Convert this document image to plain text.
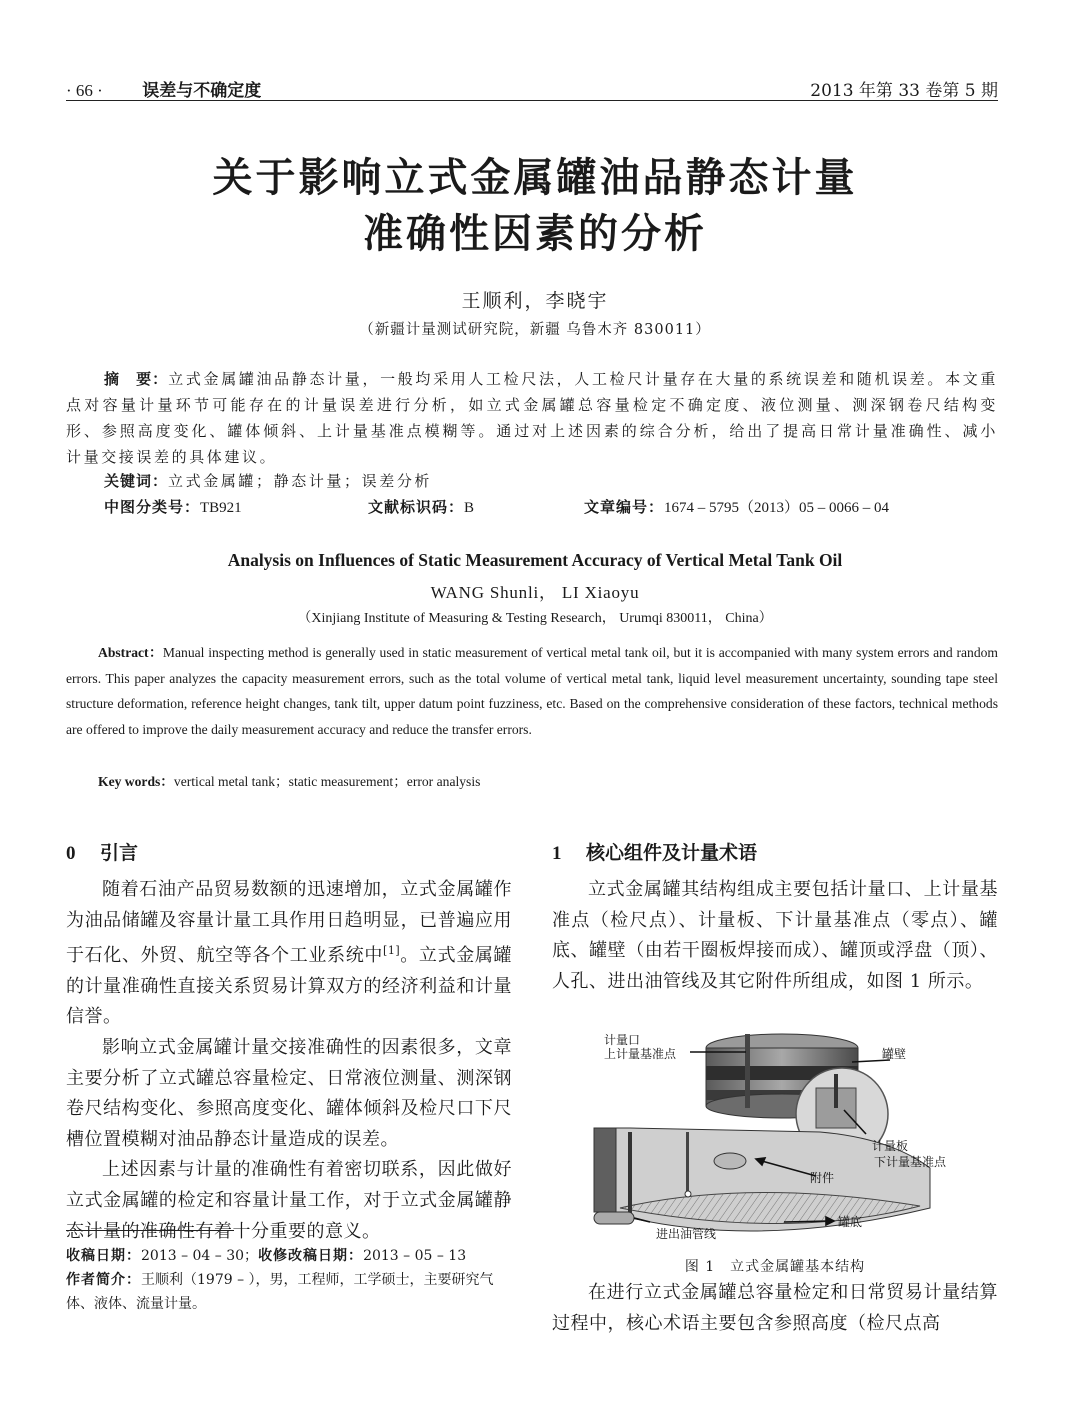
· 66 · 误差与不确定度	2013 年第 33 卷第 5 期
关于影响立式金属罐油品静态计量
准确性因素的分析
王顺利，李晓宇
（新疆计量测试研究院，新疆 乌鲁木齐 830011）
摘　要：立式金属罐油品静态计量，一般均采用人工检尺法，人工检尺计量存在大量的系统误差和随机误差。本文重点对容量计量环节可能存在的计量误差进行分析，如立式金属罐总容量检定不确定度、液位测量、测深钢卷尺结构变形、参照高度变化、罐体倾斜、上计量基准点模糊等。通过对上述因素的综合分析，给出了提高日常计量准确性、减小计量交接误差的具体建议。
关键词：立式金属罐；静态计量；误差分析
中图分类号：TB921	文献标识码：B	文章编号：1674 – 5795（2013）05 – 0066 – 04
Analysis on Influences of Static Measurement Accuracy of Vertical Metal Tank Oil
WANG Shunli， LI Xiaoyu
（Xinjiang Institute of Measuring & Testing Research， Urumqi 830011， China）
Abstract：Manual inspecting method is generally used in static measurement of vertical metal tank oil, but it is accompanied with many system errors and random errors. This paper analyzes the capacity measurement errors, such as the total volume of vertical metal tank, liquid level measurement uncertainty, sounding tape steel structure deformation, reference height changes, tank tilt, upper datum point fuzziness, etc. Based on the comprehensive consideration of these factors, technical methods are offered to improve the daily measurement accuracy and reduce the transfer errors.
Key words：vertical metal tank；static measurement；error analysis
0 引言

随着石油产品贸易数额的迅速增加，立式金属罐作为油品储罐及容量计量工具作用日趋明显，已普遍应用于石化、外贸、航空等各个工业系统中[1]。立式金属罐的计量准确性直接关系贸易计算双方的经济利益和计量信誉。

影响立式金属罐计量交接准确性的因素很多，文章主要分析了立式罐总容量检定、日常液位测量、测深钢卷尺结构变化、参照高度变化、罐体倾斜及检尺口下尺槽位置模糊对油品静态计量造成的误差。

上述因素与计量的准确性有着密切联系，因此做好立式金属罐的检定和容量计量工作，对于立式金属罐静态计量的准确性有着十分重要的意义。

收稿日期：2013 – 04 – 30；收修改稿日期：2013 – 05 – 13
作者简介：王顺利（1979 – ），男，工程师，工学硕士，主要研究气体、液体、流量计量。
1 核心组件及计量术语

立式金属罐其结构组成主要包括计量口、上计量基准点（检尺点）、计量板、下计量基准点（零点）、罐底、罐壁（由若干圈板焊接而成）、罐顶或浮盘（顶）、人孔、进出油管线及其它附件所组成，如图 1 所示。

计量口
上计量基准点	罐壁
计量板
下计量基准点
附件
罐底
进出油管线
图 1　立式金属罐基本结构

在进行立式金属罐总容量检定和日常贸易计量结算过程中，核心术语主要包含参照高度（检尺点高
